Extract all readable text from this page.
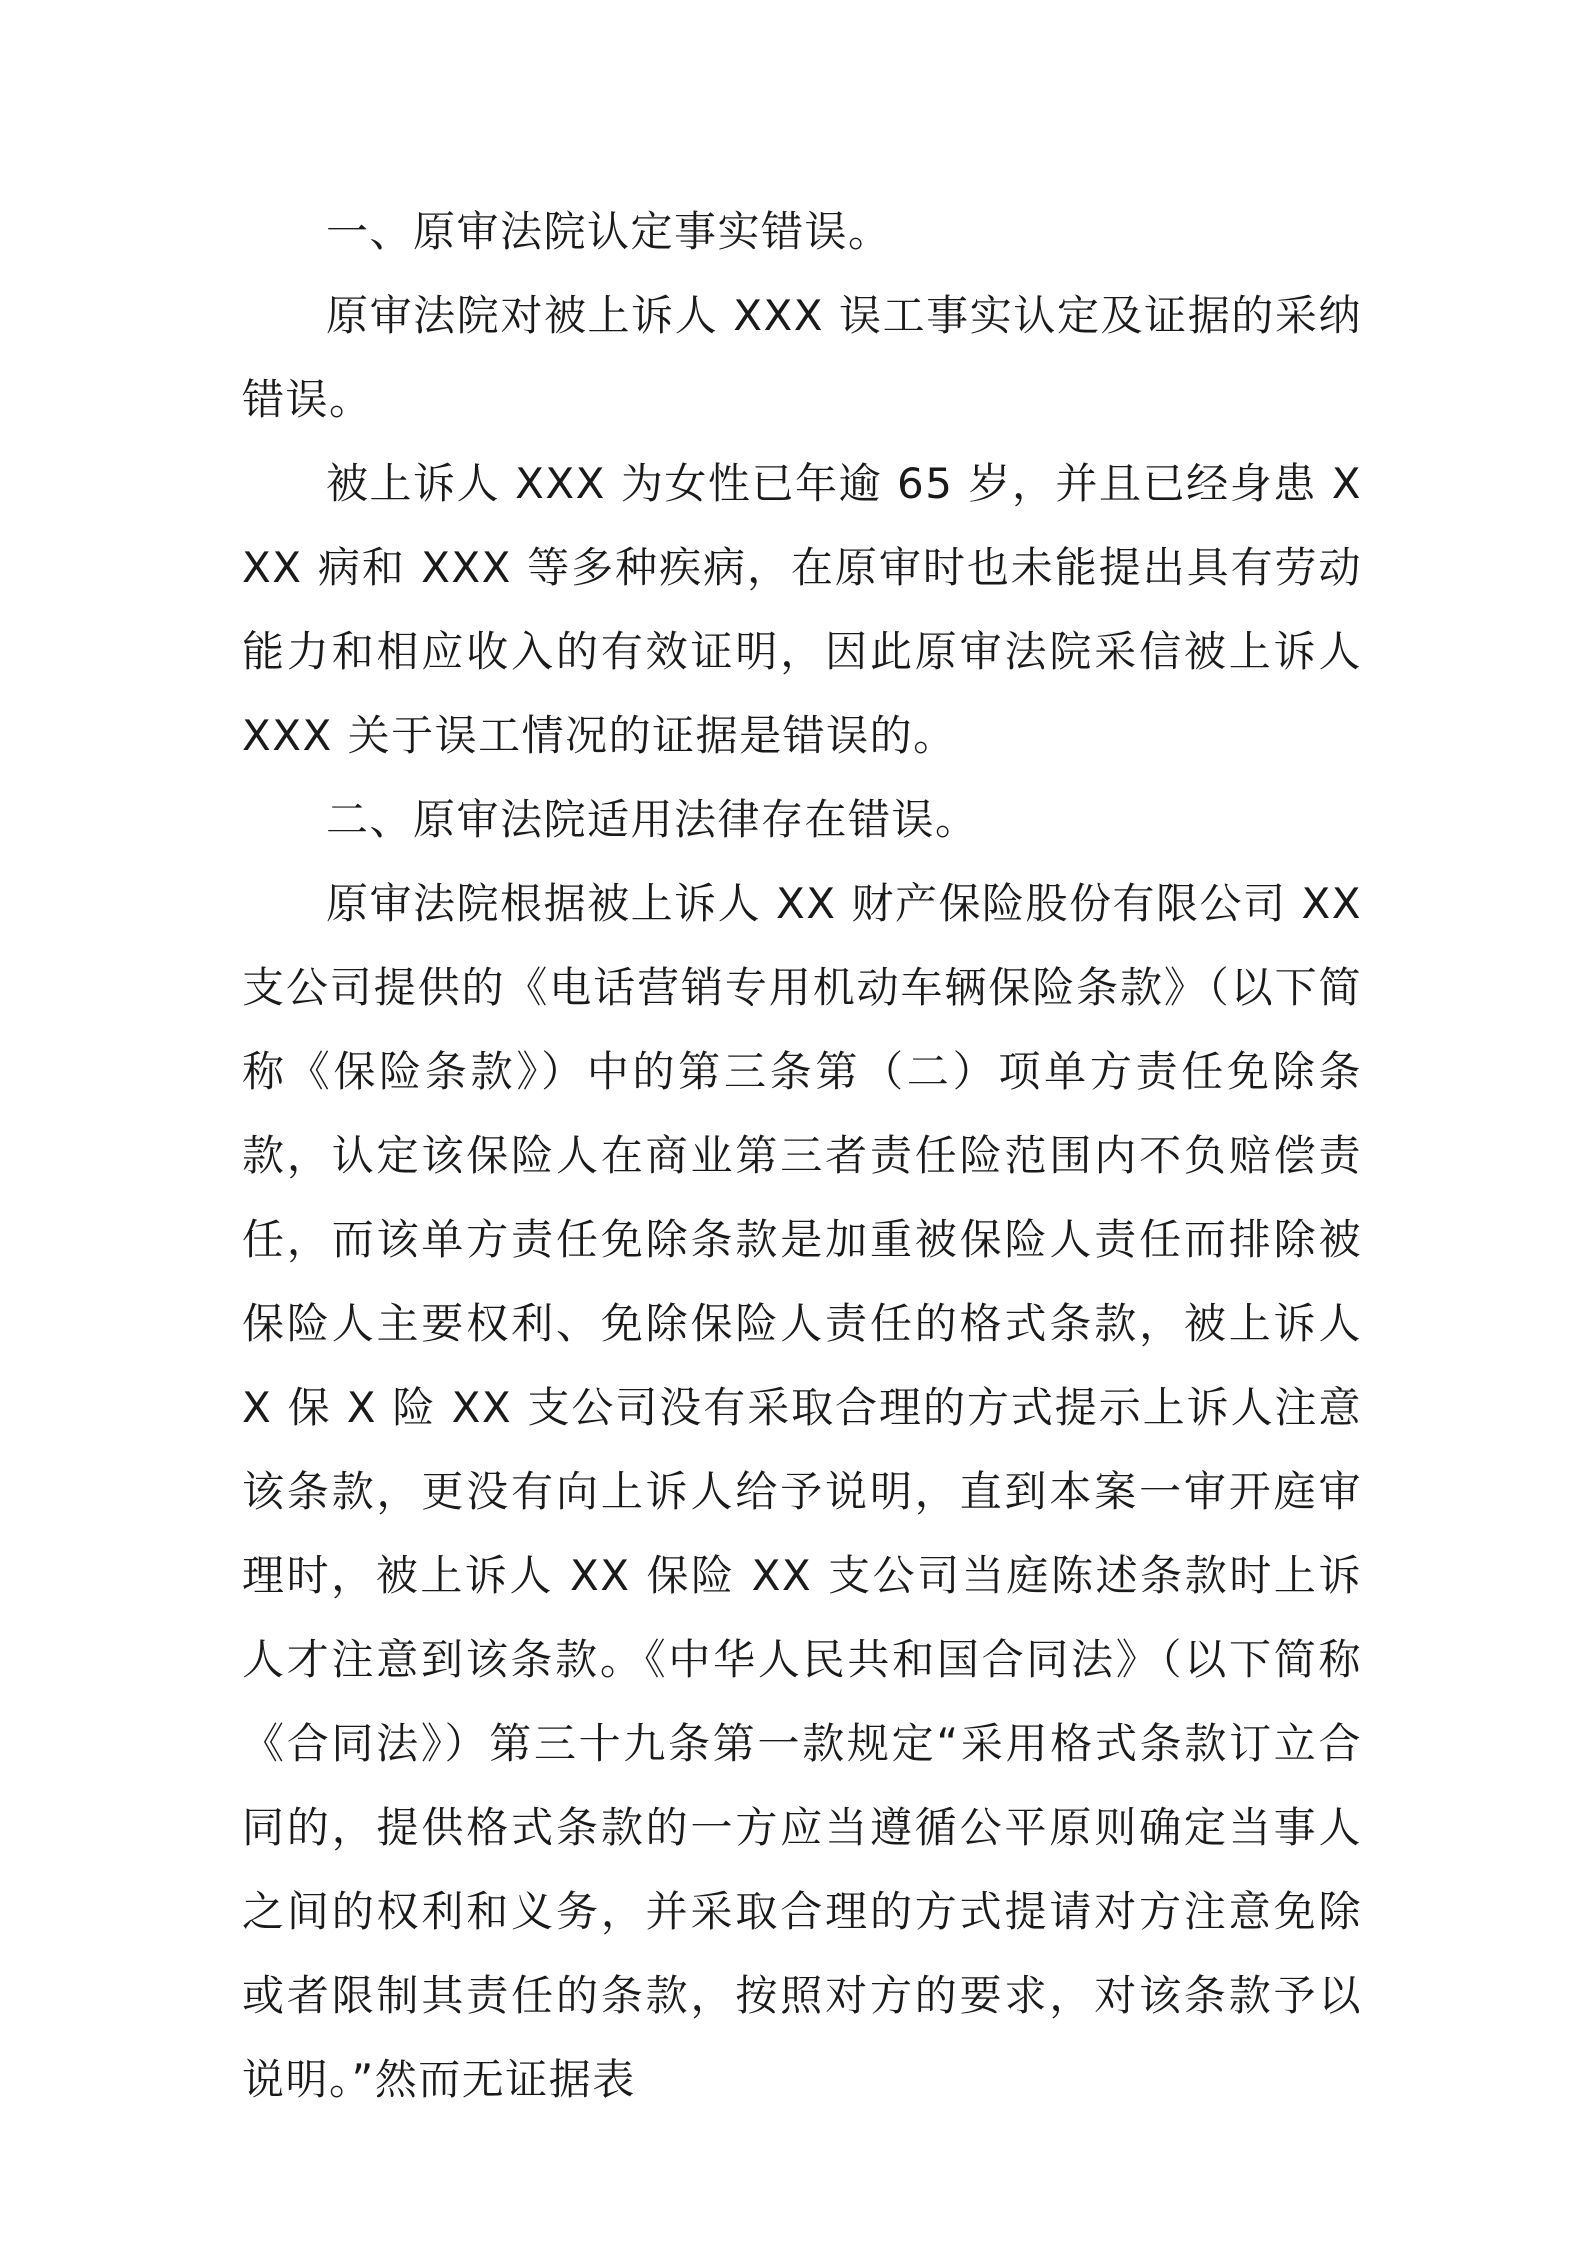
一、原审法院认定事实错误。

原审法院对被上诉人 XXX 误工事实认定及证据的采纳错误。

被上诉人 XXX 为女性已年逾 65 岁，并且已经身患 XXX 病和 XXX 等多种疾病，在原审时也未能提出具有劳动能力和相应收入的有效证明，因此原审法院采信被上诉人 XXX 关于误工情况的证据是错误的。

二、原审法院适用法律存在错误。

原审法院根据被上诉人 XX 财产保险股份有限公司 XX 支公司提供的《电话营销专用机动车辆保险条款》（以下简称《保险条款》）中的第三条第（二）项单方责任免除条款，认定该保险人在商业第三者责任险范围内不负赔偿责任，而该单方责任免除条款是加重被保险人责任而排除被保险人主要权利、免除保险人责任的格式条款，被上诉人 X 保 X 险 XX 支公司没有采取合理的方式提示上诉人注意该条款，更没有向上诉人给予说明，直到本案一审开庭审理时，被上诉人 XX 保险 XX 支公司当庭陈述条款时上诉人才注意到该条款。《中华人民共和国合同法》（以下简称《合同法》）第三十九条第一款规定“采用格式条款订立合同的，提供格式条款的一方应当遵循公平原则确定当事人之间的权利和义务，并采取合理的方式提请对方注意免除或者限制其责任的条款，按照对方的要求，对该条款予以说明。”然而无证据表
